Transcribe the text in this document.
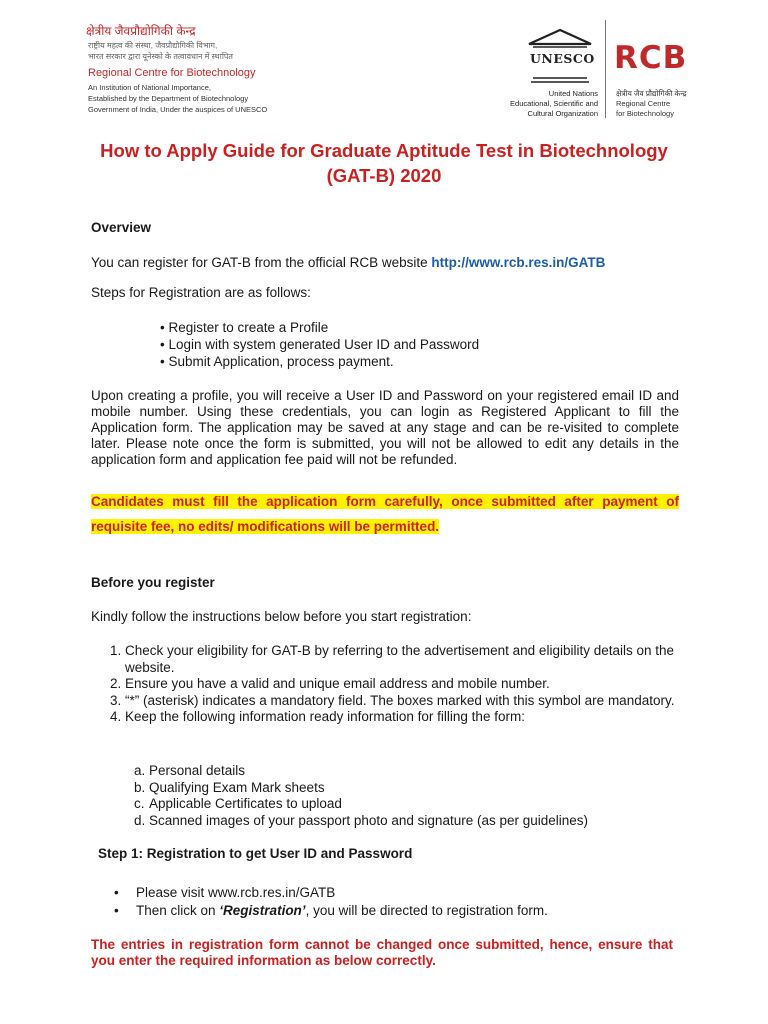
क्षेत्रीय जैवप्रौद्योगिकी केन्द्र
राष्ट्रीय महत्व की संस्था, जैवप्रौद्योगिकी विभाग,
भारत सरकार द्वारा यूनेस्को के तत्वावधान में स्थापित
Regional Centre for Biotechnology
An Institution of National Importance,
Established by the Department of Biotechnology
Government of India, Under the auspices of UNESCO
UNESCO
United Nations
Educational, Scientific and
Cultural Organization
RCB
क्षेत्रीय जैव प्रौद्योगिकी केन्द्र
Regional Centre
for Biotechnology
How to Apply Guide for Graduate Aptitude Test in Biotechnology
(GAT-B) 2020
Overview
You can register for GAT-B from the official RCB website http://www.rcb.res.in/GATB
Steps for Registration are as follows:
• Register to create a Profile
• Login with system generated User ID and Password
• Submit Application, process payment.
Upon creating a profile, you will receive a User ID and Password on your registered email ID and mobile number. Using these credentials, you can login as Registered Applicant to fill the Application form. The application may be saved at any stage and can be re-visited to complete later. Please note once the form is submitted, you will not be allowed to edit any details in the application form and application fee paid will not be refunded.
Candidates must fill the application form carefully, once submitted after payment of requisite fee, no edits/ modifications will be permitted.
Before you register
Kindly follow the instructions below before you start registration:
1. Check your eligibility for GAT-B by referring to the advertisement and eligibility details on the website.
2. Ensure you have a valid and unique email address and mobile number.
3. “*” (asterisk) indicates a mandatory field. The boxes marked with this symbol are mandatory.
4. Keep the following information ready information for filling the form:
a. Personal details
b. Qualifying Exam Mark sheets
c. Applicable Certificates to upload
d. Scanned images of your passport photo and signature (as per guidelines)
Step 1: Registration to get User ID and Password
• Please visit www.rcb.res.in/GATB
• Then click on ‘Registration’, you will be directed to registration form.
The entries in registration form cannot be changed once submitted, hence, ensure that you enter the required information as below correctly.
